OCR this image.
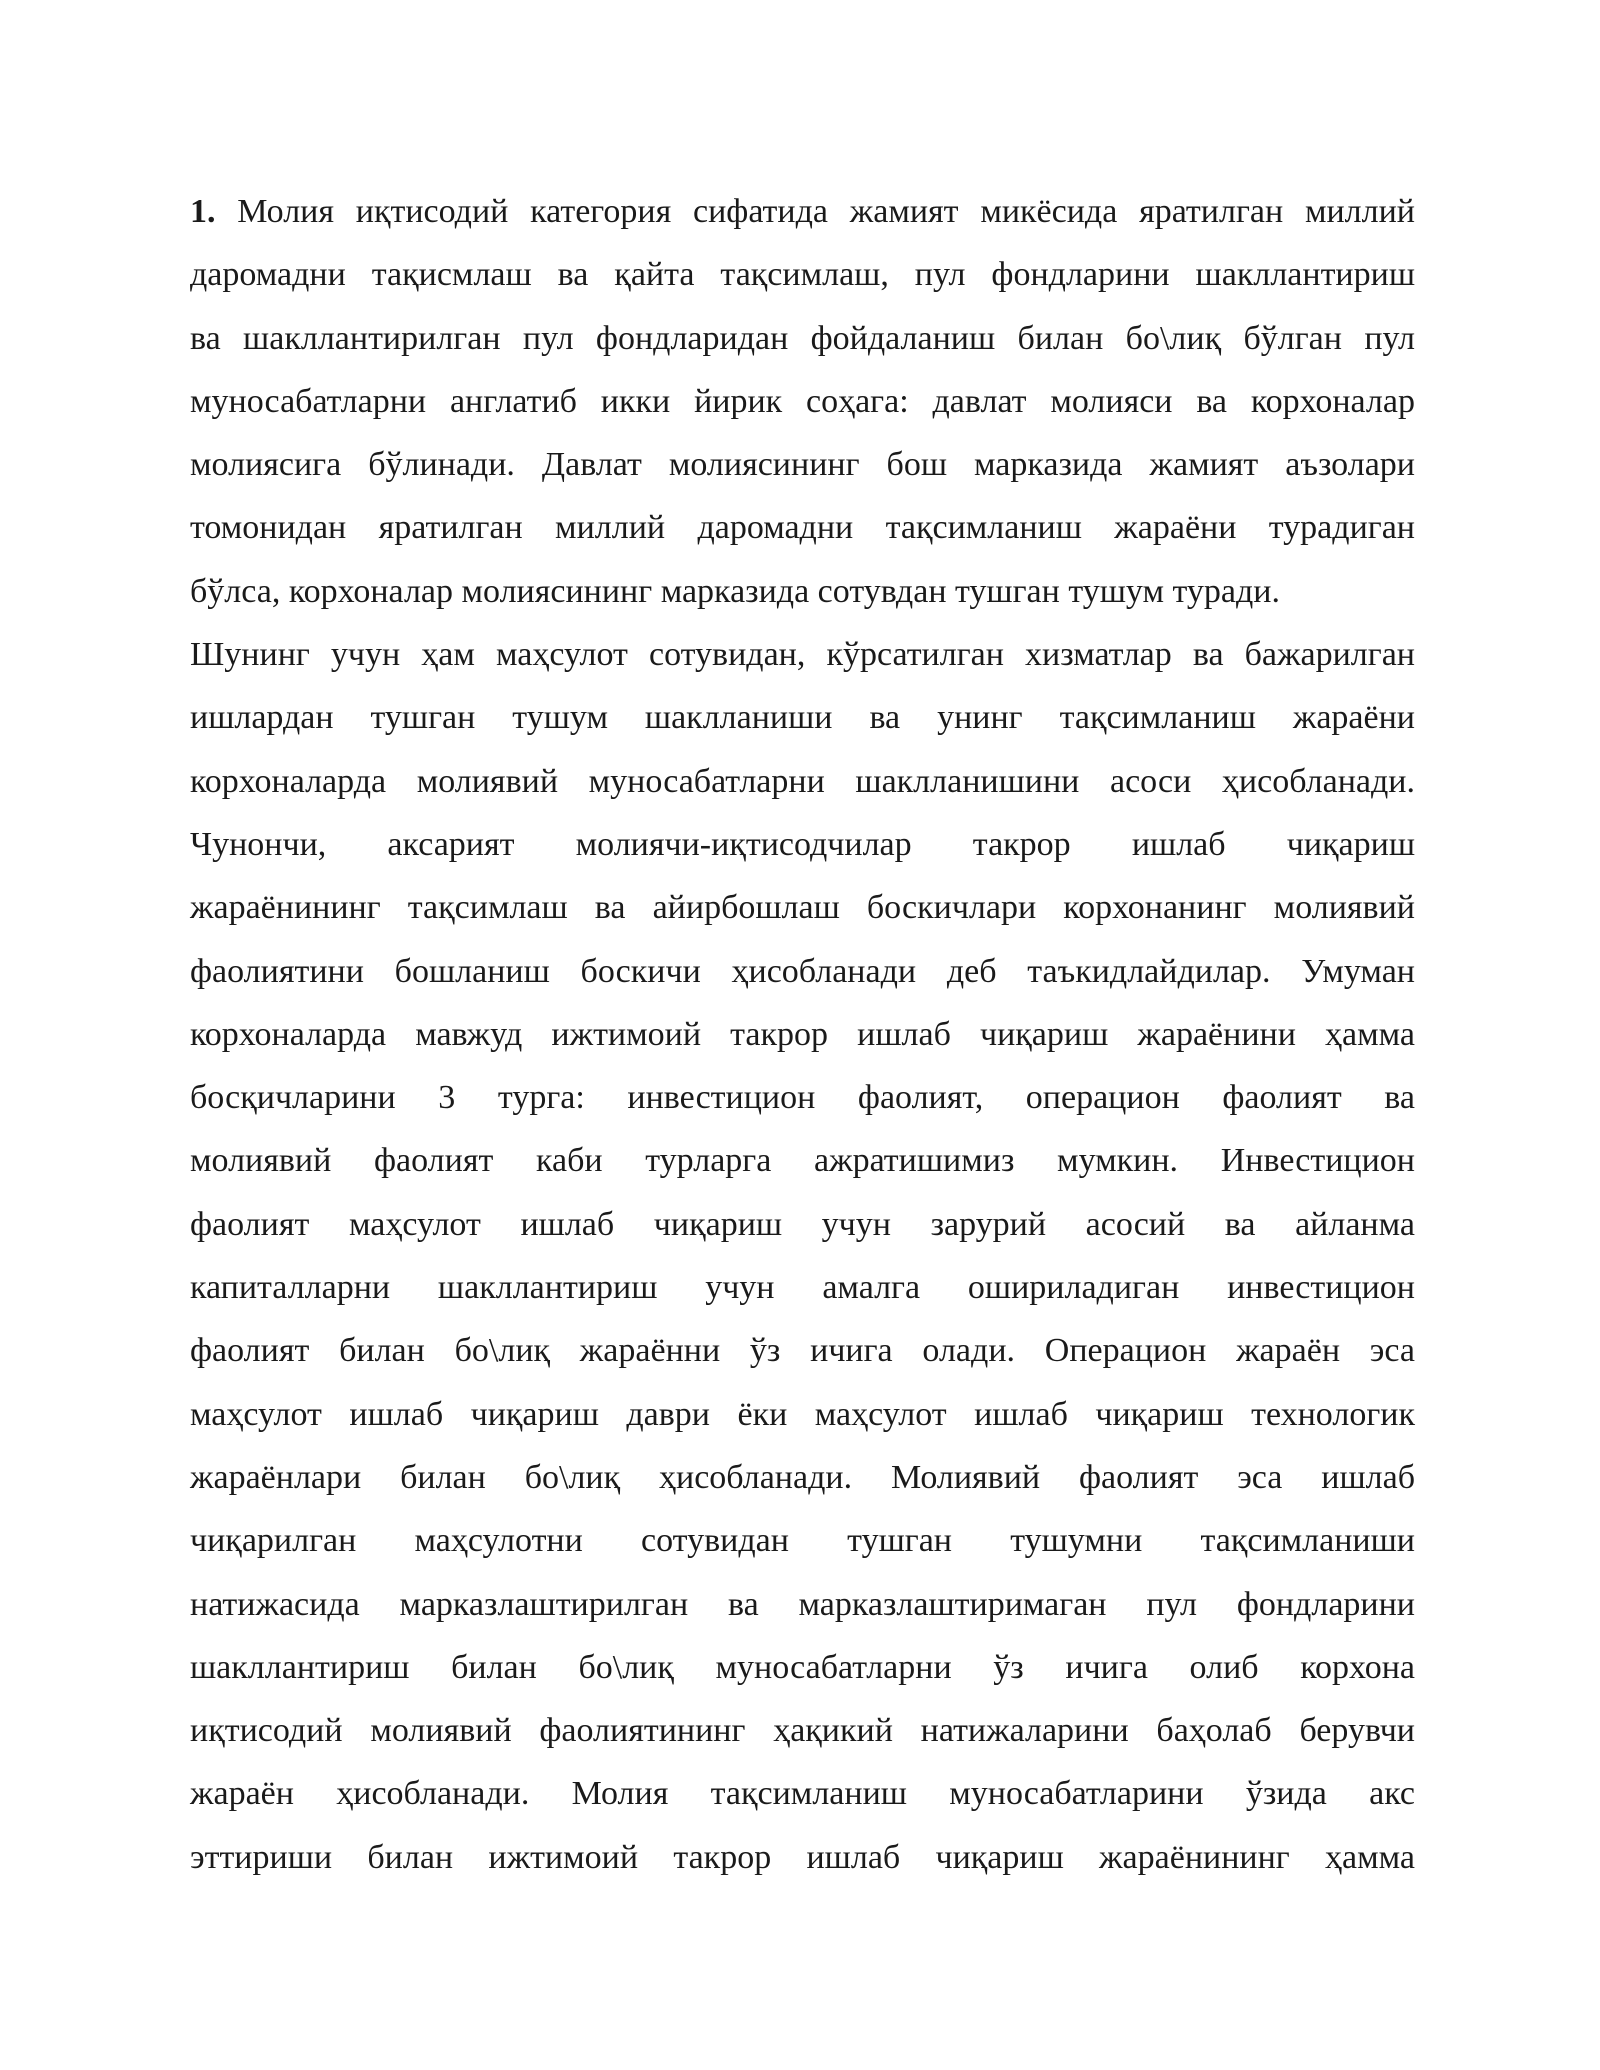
1. Молия иқтисодий категория сифатида жамият микёсида яратилган миллий
даромадни тақисмлаш ва қайта тақсимлаш, пул фондларини шакллантириш
ва шакллантирилган пул фондларидан фойдаланиш билан бо\лиқ бўлган пул
муносабатларни англатиб икки йирик соҳага: давлат молияси ва корхоналар
молиясига бўлинади. Давлат молиясининг бош марказида жамият аъзолари
томонидан яратилган миллий даромадни тақсимланиш жараёни турадиган
бўлса, корхоналар молиясининг марказида сотувдан тушган тушум туради.
Шунинг учун ҳам маҳсулот сотувидан, кўрсатилган хизматлар ва бажарилган
ишлардан тушган тушум шаклланиши ва унинг тақсимланиш жараёни
корхоналарда молиявий муносабатларни шаклланишини асоси ҳисобланади.
Чунончи, аксарият молиячи-иқтисодчилар такрор ишлаб чиқариш
жараёнининг тақсимлаш ва айирбошлаш боскичлари корхонанинг молиявий
фаолиятини бошланиш боскичи ҳисобланади деб таъкидлайдилар. Умуман
корхоналарда мавжуд ижтимоий такрор ишлаб чиқариш жараёнини ҳамма
босқичларини 3 турга: инвестицион фаолият, операцион фаолият ва
молиявий фаолият каби турларга ажратишимиз мумкин. Инвестицион
фаолият маҳсулот ишлаб чиқариш учун зарурий асосий ва айланма
капиталларни шакллантириш учун амалга ошириладиган инвестицион
фаолият билан бо\лиқ жараённи ўз ичига олади. Операцион жараён эса
маҳсулот ишлаб чиқариш даври ёки маҳсулот ишлаб чиқариш технологик
жараёнлари билан бо\лиқ ҳисобланади. Молиявий фаолият эса ишлаб
чиқарилган маҳсулотни сотувидан тушган тушумни тақсимланиши
натижасида марказлаштирилган ва марказлаштиримаган пул фондларини
шакллантириш билан бо\лиқ муносабатларни ўз ичига олиб корхона
иқтисодий молиявий фаолиятининг ҳақикий натижаларини баҳолаб берувчи
жараён ҳисобланади. Молия тақсимланиш муносабатларини ўзида акс
эттириши билан ижтимоий такрор ишлаб чиқариш жараёнининг ҳамма
